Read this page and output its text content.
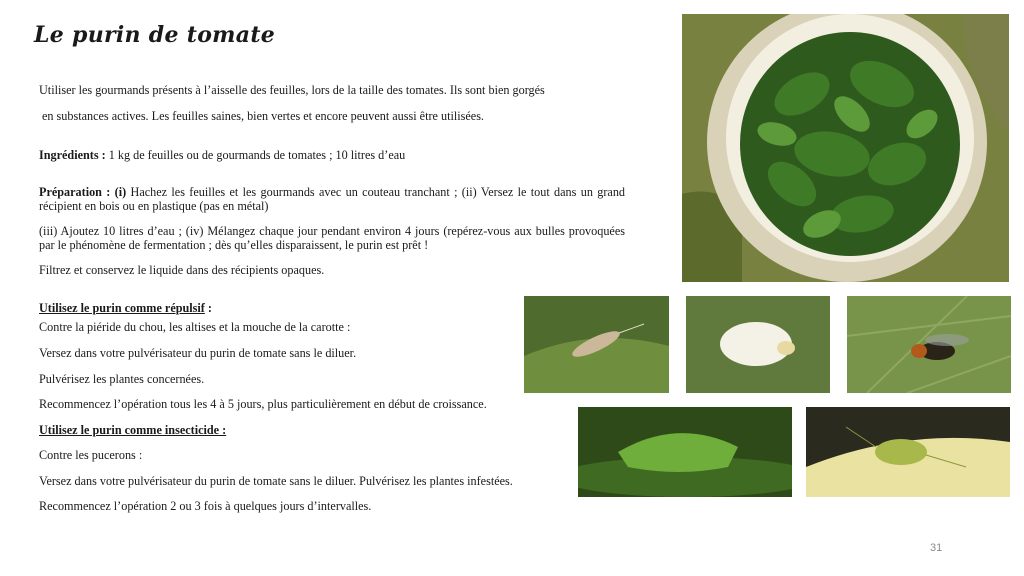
Le purin de tomate
Utiliser les gourmands présents à l’aisselle des feuilles, lors de la taille des tomates. Ils sont bien gorgés
en substances actives. Les feuilles saines, bien vertes et encore peuvent aussi être utilisées.
Ingrédients : 1 kg de feuilles ou de gourmands de tomates ; 10 litres d’eau
Préparation : (i) Hachez les feuilles et les gourmands avec un couteau tranchant ; (ii) Versez le tout dans un grand récipient en bois ou en plastique (pas en métal)
(iii) Ajoutez 10 litres d’eau ; (iv) Mélangez chaque jour pendant environ 4 jours (repérez-vous aux bulles provoquées par le phénomène de fermentation ; dès qu’elles disparaissent, le purin est prêt !
Filtrez et conservez le liquide dans des récipients opaques.
Utilisez le purin comme répulsif :
Contre la piéride du chou, les altises et la mouche de la carotte :
Versez dans votre pulvérisateur du purin de tomate sans le diluer.
Pulvérisez les plantes concernées.
Recommencez l’opération tous les 4 à 5 jours, plus particulièrement en début de croissance.
Utilisez le purin comme insecticide :
Contre les pucerons :
Versez dans votre pulvérisateur du purin de tomate sans le diluer. Pulvérisez les plantes infestées.
Recommencez l’opération 2 ou 3 fois à quelques jours d’intervalles.
31
